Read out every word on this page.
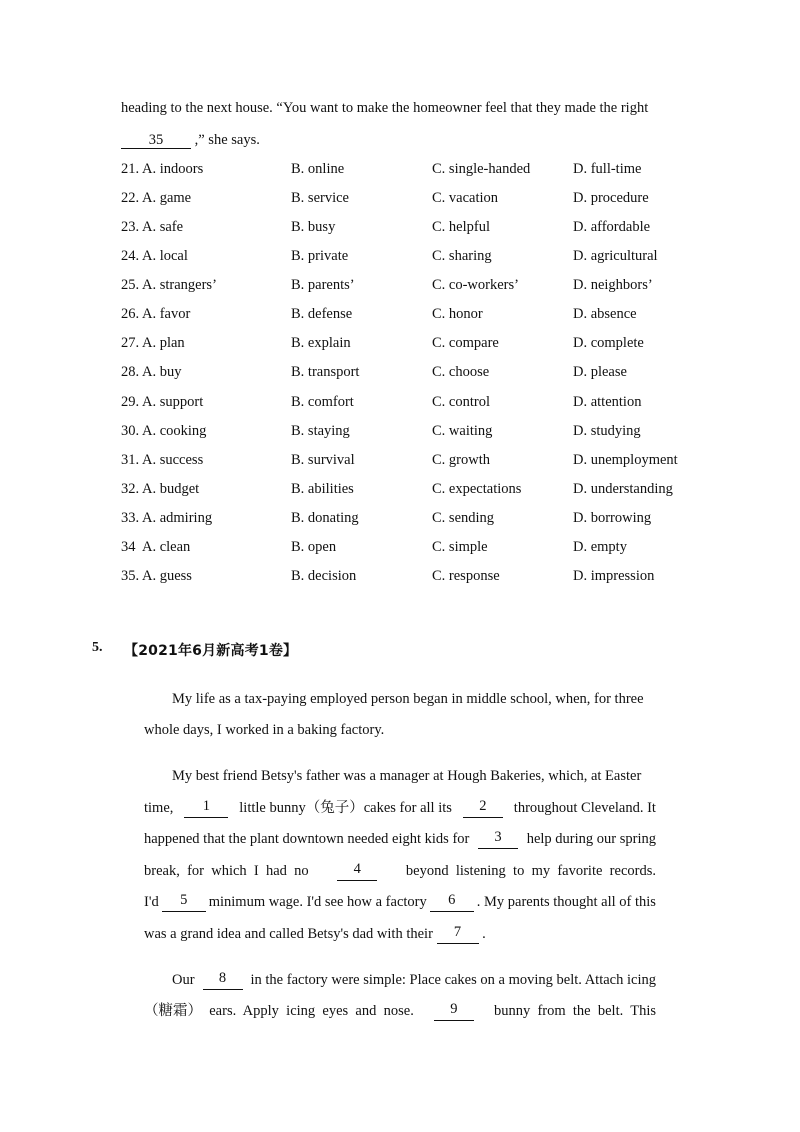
heading to the next house. “You want to make the homeowner feel that they made the right
35 ,” she says.
21. A. indoors	B. online	C. single-handed	D. full-time
22. A. game	B. service	C. vacation	D. procedure
23. A. safe	B. busy	C. helpful	D. affordable
24. A. local	B. private	C. sharing	D. agricultural
25. A. strangers’	B. parents’	C. co-workers’	D. neighbors’
26. A. favor	B. defense	C. honor	D. absence
27. A. plan	B. explain	C. compare	D. complete
28. A. buy	B. transport	C. choose	D. please
29. A. support	B. comfort	C. control	D. attention
30. A. cooking	B. staying	C. waiting	D. studying
31. A. success	B. survival	C. growth	D. unemployment
32. A. budget	B. abilities	C. expectations	D. understanding
33. A. admiring	B. donating	C. sending	D. borrowing
34 A. clean	B. open	C. simple	D. empty
35. A. guess	B. decision	C. response	D. impression
5. 【2021年6月新高考1卷】
My life as a tax-paying employed person began in middle school, when, for three
whole days, I worked in a baking factory.
My best friend Betsy's father was a manager at Hough Bakeries, which, at Easter
time,	1	little bunny（兔子）cakes for all its	2	throughout Cleveland. It
happened that the plant downtown needed eight kids for	3	help during our spring
break,  for  which  I  had  no	4	beyond  listening  to  my  favorite  records.
I'd	5	minimum wage. I'd see how a factory	6	. My parents thought all of this
was a grand idea and called Betsy's dad with their
	7
	.
Our	8	in the factory were simple: Place cakes on a moving belt. Attach icing
（糖霜）  ears.  Apply  icing  eyes  and  nose.	9	bunny  from  the  belt.  This
